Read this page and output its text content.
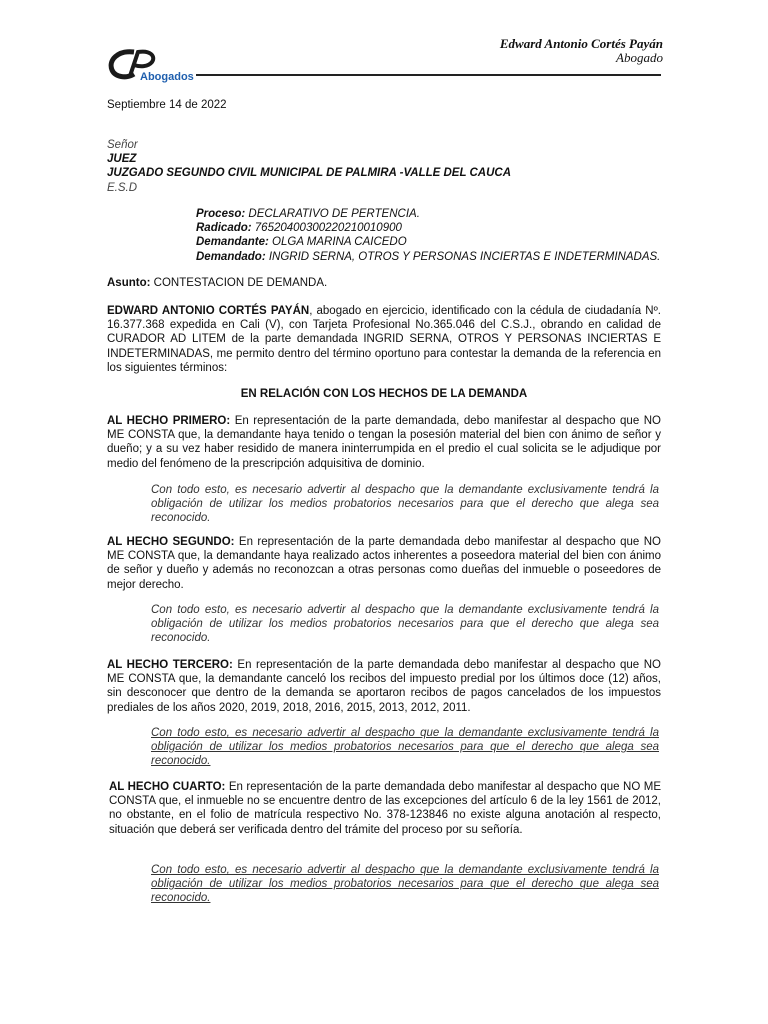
Abogados
Edward Antonio Cortés Payán
Abogado
Septiembre 14 de 2022
Señor
JUEZ
JUZGADO SEGUNDO CIVIL MUNICIPAL DE PALMIRA -VALLE DEL CAUCA
E.S.D
Proceso: DECLARATIVO DE PERTENCIA.
Radicado: 76520400300220210010900
Demandante: OLGA MARINA CAICEDO
Demandado: INGRID SERNA, OTROS Y PERSONAS INCIERTAS E INDETERMINADAS.
Asunto: CONTESTACION DE DEMANDA.
EDWARD ANTONIO CORTÉS PAYÁN, abogado en ejercicio, identificado con la cédula de ciudadanía Nº. 16.377.368 expedida en Cali (V), con Tarjeta Profesional No.365.046 del C.S.J., obrando en calidad de CURADOR AD LITEM de la parte demandada INGRID SERNA, OTROS Y PERSONAS INCIERTAS E INDETERMINADAS, me permito dentro del término oportuno para contestar la demanda de la referencia en los siguientes términos:
EN RELACIÓN CON LOS HECHOS DE LA DEMANDA
AL HECHO PRIMERO: En representación de la parte demandada, debo manifestar al despacho que NO ME CONSTA que, la demandante haya tenido o tengan la posesión material del bien con ánimo de señor y dueño; y a su vez haber residido de manera ininterrumpida en el predio el cual solicita se le adjudique por medio del fenómeno de la prescripción adquisitiva de dominio.
Con todo esto, es necesario advertir al despacho que la demandante exclusivamente tendrá la obligación de utilizar los medios probatorios necesarios para que el derecho que alega sea reconocido.
AL HECHO SEGUNDO: En representación de la parte demandada debo manifestar al despacho que NO ME CONSTA que, la demandante haya realizado actos inherentes a poseedora material del bien con ánimo de señor y dueño y además no reconozcan a otras personas como dueñas del inmueble o poseedores de mejor derecho.
Con todo esto, es necesario advertir al despacho que la demandante exclusivamente tendrá la obligación de utilizar los medios probatorios necesarios para que el derecho que alega sea reconocido.
AL HECHO TERCERO: En representación de la parte demandada debo manifestar al despacho que NO ME CONSTA que, la demandante canceló los recibos del impuesto predial por los últimos doce (12) años, sin desconocer que dentro de la demanda se aportaron recibos de pagos cancelados de los impuestos prediales de los años 2020, 2019, 2018, 2016, 2015, 2013, 2012, 2011.
Con todo esto, es necesario advertir al despacho que la demandante exclusivamente tendrá la obligación de utilizar los medios probatorios necesarios para que el derecho que alega sea reconocido.
AL HECHO CUARTO: En representación de la parte demandada debo manifestar al despacho que NO ME CONSTA que, el inmueble no se encuentre dentro de las excepciones del artículo 6 de la ley 1561 de 2012, no obstante, en el folio de matrícula respectivo No. 378-123846 no existe alguna anotación al respecto, situación que deberá ser verificada dentro del trámite del proceso por su señoría.
Con todo esto, es necesario advertir al despacho que la demandante exclusivamente tendrá la obligación de utilizar los medios probatorios necesarios para que el derecho que alega sea reconocido.
